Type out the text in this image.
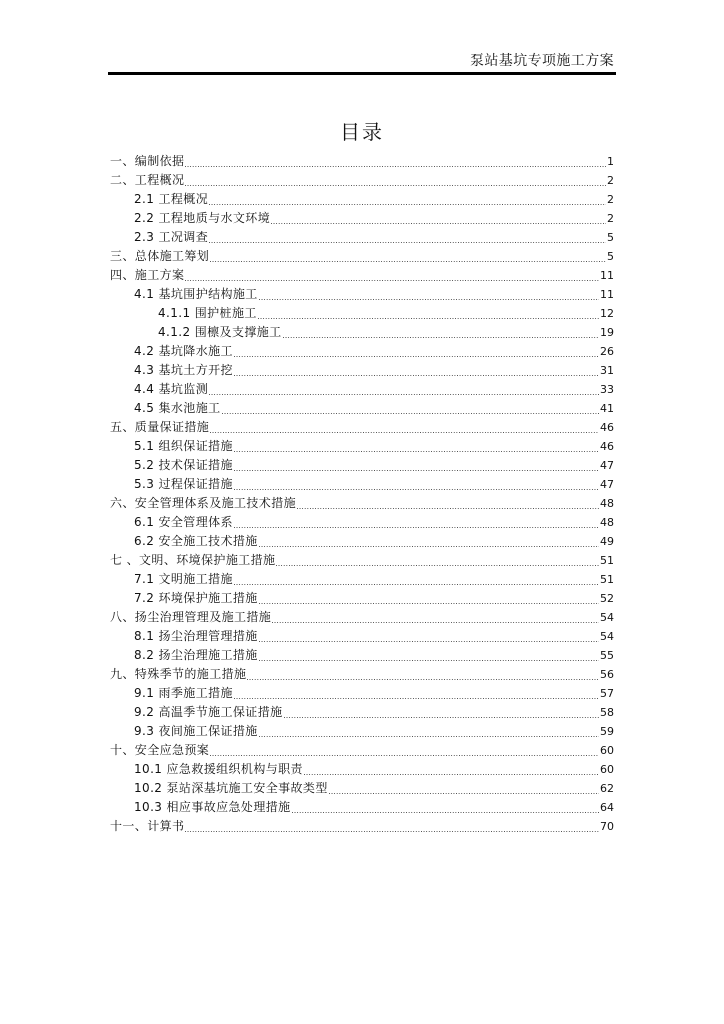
泵站基坑专项施工方案
目录
一、编制依据	1
二、工程概况	2
2.1 工程概况	2
2.2 工程地质与水文环境	2
2.3 工况调查	5
三、总体施工筹划	5
四、施工方案	11
4.1 基坑围护结构施工	11
4.1.1 围护桩施工	12
4.1.2 围檩及支撑施工	19
4.2 基坑降水施工	26
4.3 基坑土方开挖	31
4.4 基坑监测	33
4.5 集水池施工	41
五、质量保证措施	46
5.1 组织保证措施	46
5.2 技术保证措施	47
5.3 过程保证措施	47
六、安全管理体系及施工技术措施	48
6.1 安全管理体系	48
6.2 安全施工技术措施	49
七 、文明、环境保护施工措施	51
7.1 文明施工措施	51
7.2 环境保护施工措施	52
八、扬尘治理管理及施工措施	54
8.1 扬尘治理管理措施	54
8.2 扬尘治理施工措施	55
九、特殊季节的施工措施	56
9.1 雨季施工措施	57
9.2 高温季节施工保证措施	58
9.3 夜间施工保证措施	59
十、安全应急预案	60
10.1 应急救援组织机构与职责	60
10.2 泵站深基坑施工安全事故类型	62
10.3 相应事故应急处理措施	64
十一、计算书	70
